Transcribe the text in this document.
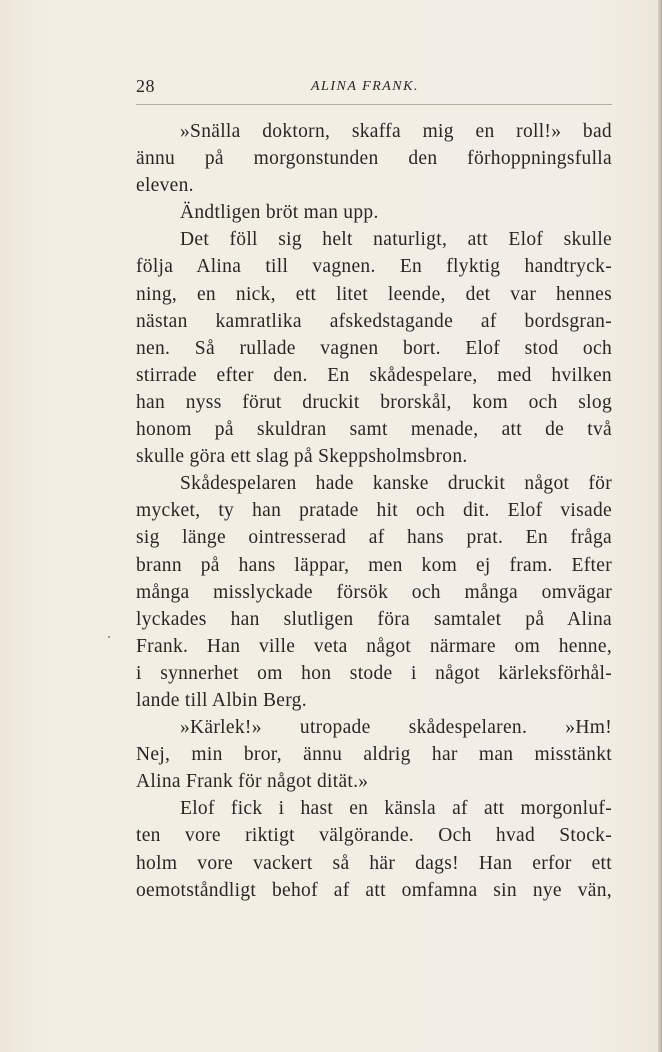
28	ALINA FRANK.
»Snälla doktorn, skaffa mig en roll!» bad
ännu på morgonstunden den förhoppningsfulla
eleven.
Ändtligen bröt man upp.
Det föll sig helt naturligt, att Elof skulle
följa Alina till vagnen. En flyktig handtryck-
ning, en nick, ett litet leende, det var hennes
nästan kamratlika afskedstagande af bordsgran-
nen. Så rullade vagnen bort. Elof stod och
stirrade efter den. En skådespelare, med hvilken
han nyss förut druckit brorskål, kom och slog
honom på skuldran samt menade, att de två
skulle göra ett slag på Skeppsholmsbron.
Skådespelaren hade kanske druckit något för
mycket, ty han pratade hit och dit. Elof visade
sig länge ointresserad af hans prat. En fråga
brann på hans läppar, men kom ej fram. Efter
många misslyckade försök och många omvägar
lyckades han slutligen föra samtalet på Alina
Frank. Han ville veta något närmare om henne,
i synnerhet om hon stode i något kärleksförhål-
lande till Albin Berg.
»Kärlek!» utropade skådespelaren. »Hm!
Nej, min bror, ännu aldrig har man misstänkt
Alina Frank för något dität.»
Elof fick i hast en känsla af att morgonluf-
ten vore riktigt välgörande. Och hvad Stock-
holm vore vackert så här dags! Han erfor ett
oemotståndligt behof af att omfamna sin nye vän,
